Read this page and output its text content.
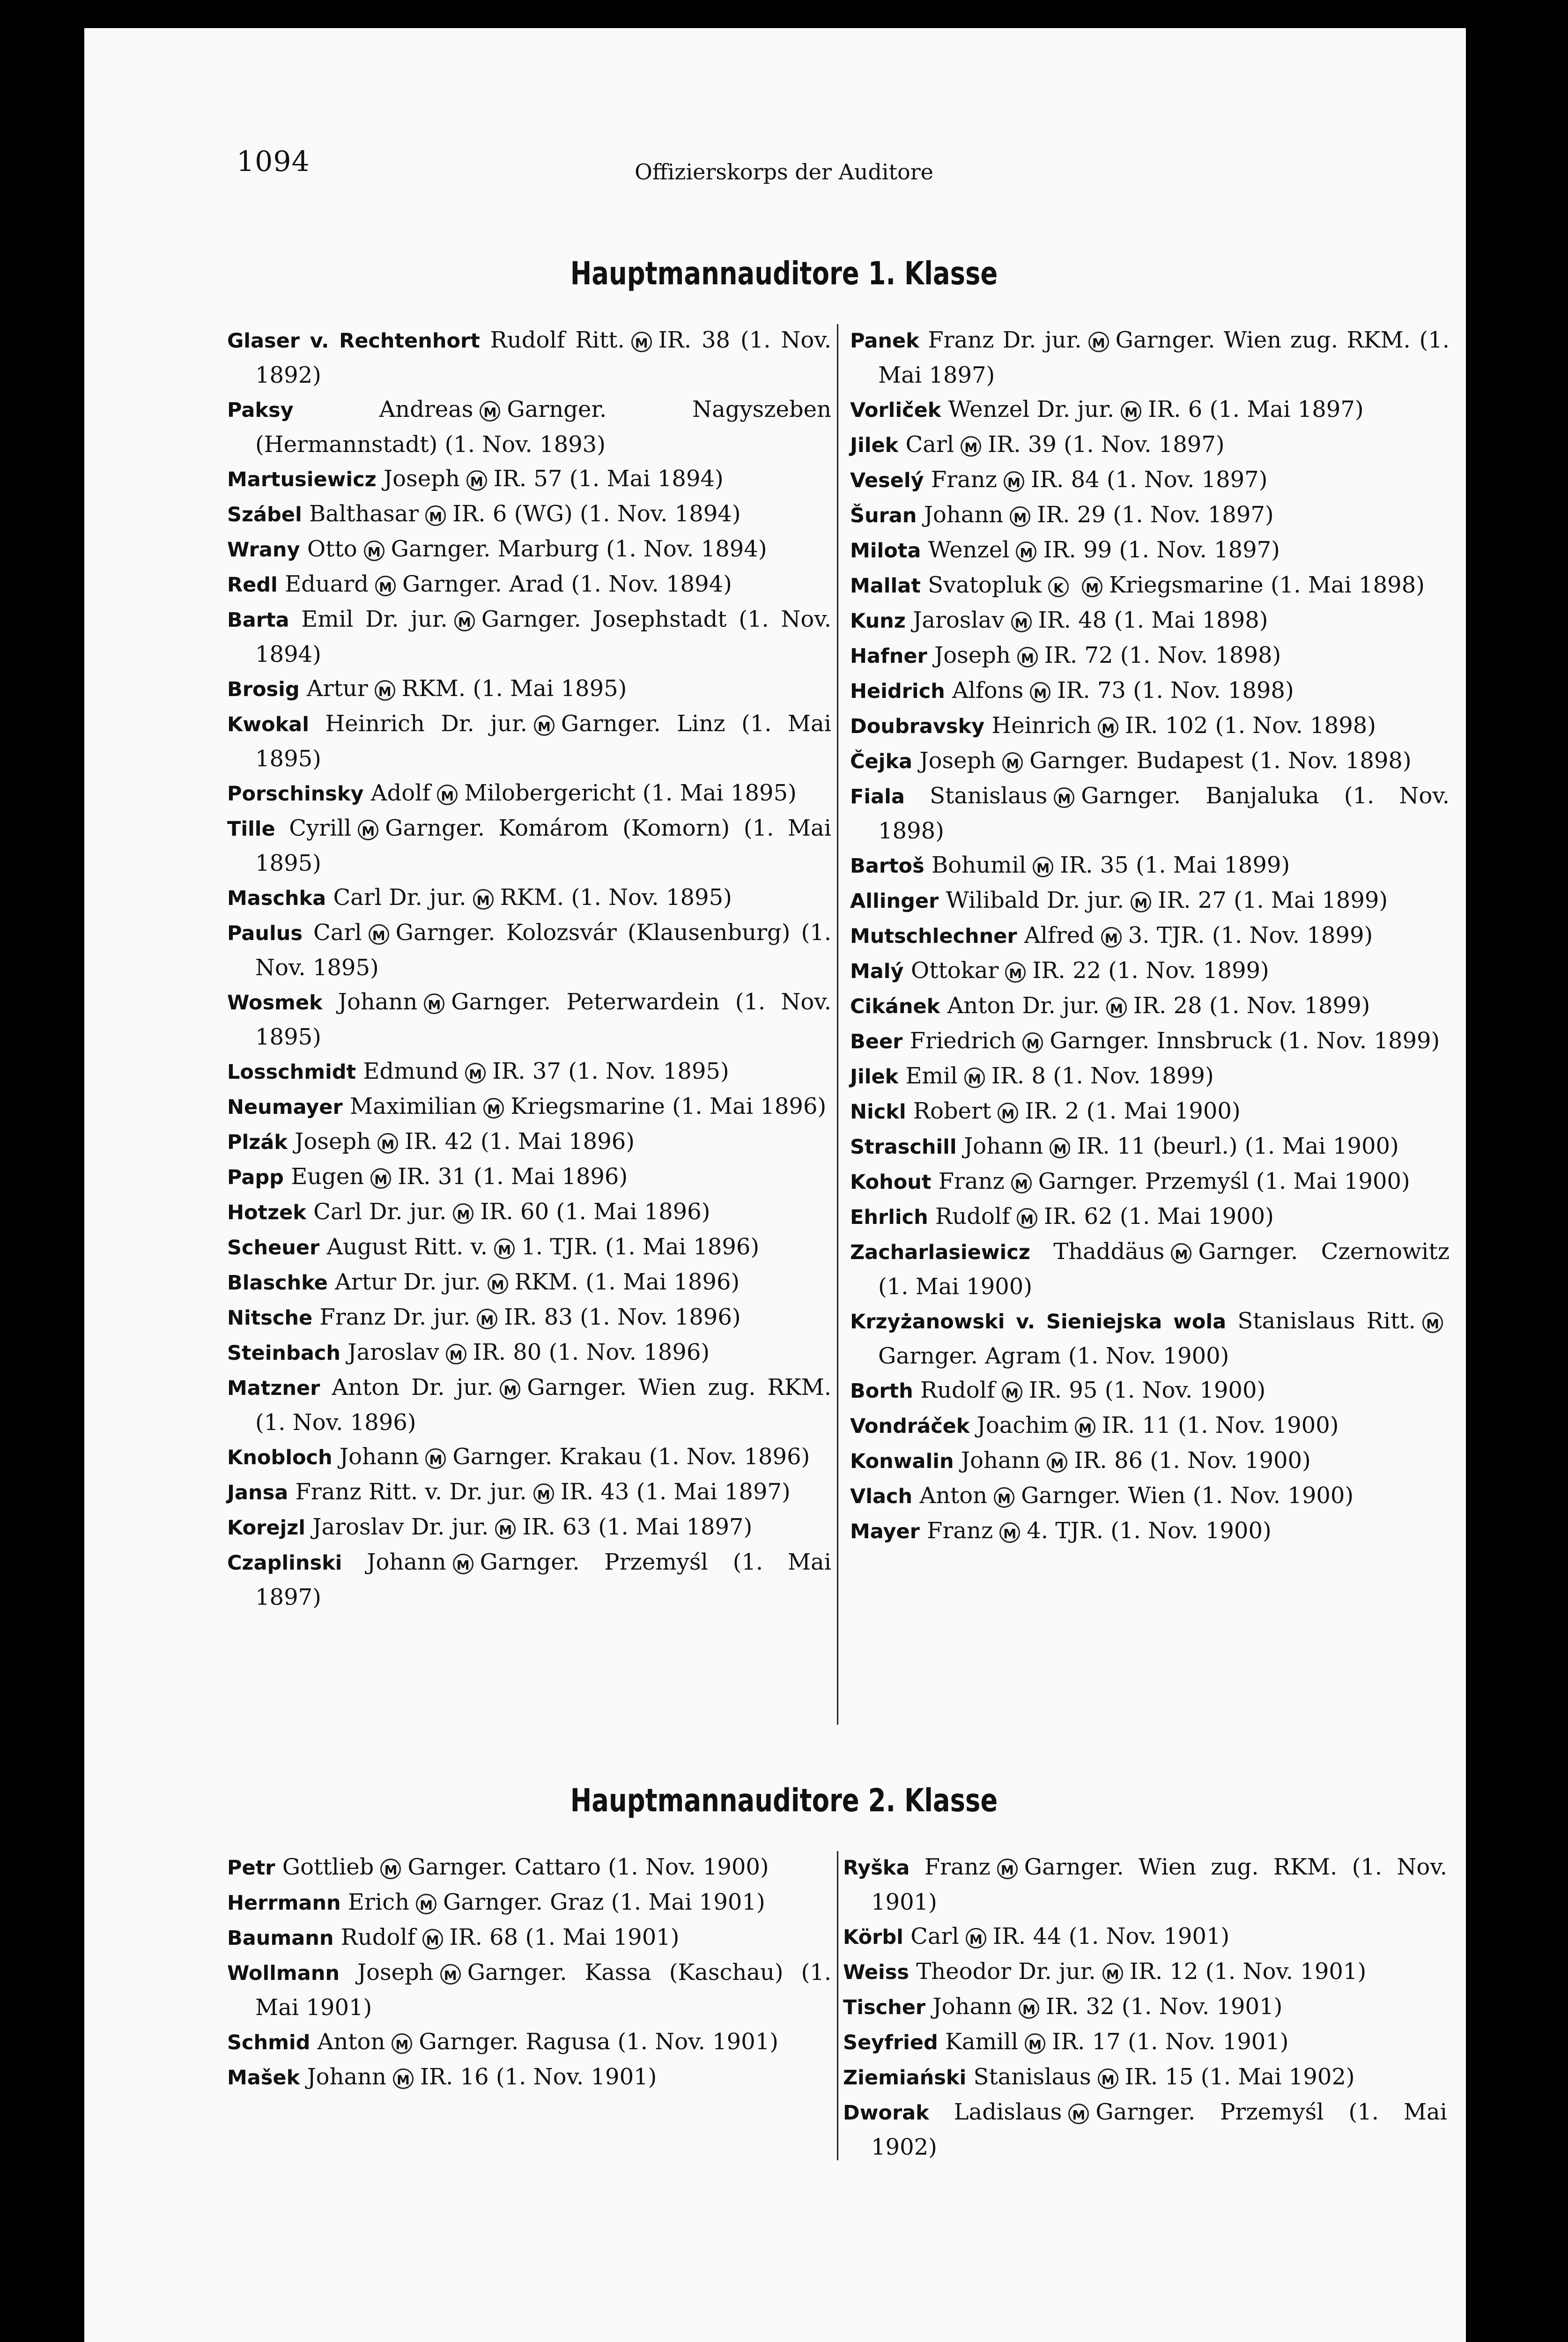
1094	Offizierskorps der Auditore
Hauptmannauditore 1. Klasse
Glaser v. Rechtenhort Rudolf Ritt. M IR. 38 (1. Nov. 1892)
Paksy	Andreas M Garnger. Nagyszeben (Hermannstadt) (1. Nov. 1893)
Martusiewicz Joseph M IR. 57 (1. Mai 1894)
Szábel Balthasar M IR. 6 (WG) (1. Nov. 1894)
Wrany Otto M Garnger. Marburg (1. Nov. 1894)
Redl Eduard M Garnger. Arad (1. Nov. 1894)
Barta Emil Dr. jur. M Garnger. Josephstadt (1. Nov. 1894)
Brosig Artur M RKM. (1. Mai 1895)
Kwokal Heinrich Dr. jur. M Garnger. Linz (1. Mai 1895)
Porschinsky Adolf M Milobergericht (1. Mai 1895)
Tille Cyrill M Garnger. Komárom (Komorn) (1. Mai 1895)
Maschka Carl Dr. jur. M RKM. (1. Nov. 1895)
Paulus Carl M Garnger. Kolozsvár (Klausenburg) (1. Nov. 1895)
Wosmek Johann M Garnger. Peterwardein (1. Nov. 1895)
Losschmidt Edmund M IR. 37 (1. Nov. 1895)
Neumayer Maximilian M Kriegsmarine (1. Mai 1896)
Plzák Joseph M IR. 42 (1. Mai 1896)
Papp Eugen M IR. 31 (1. Mai 1896)
Hotzek Carl Dr. jur. M IR. 60 (1. Mai 1896)
Scheuer August Ritt. v. M 1. TJR. (1. Mai 1896)
Blaschke Artur Dr. jur. M RKM. (1. Mai 1896)
Nitsche Franz Dr. jur. M IR. 83 (1. Nov. 1896)
Steinbach Jaroslav M IR. 80 (1. Nov. 1896)
Matzner Anton Dr. jur. M Garnger. Wien zug. RKM. (1. Nov. 1896)
Knobloch Johann M Garnger. Krakau (1. Nov. 1896)
Jansa Franz Ritt. v. Dr. jur. M IR. 43 (1. Mai 1897)
Korejzl Jaroslav Dr. jur. M IR. 63 (1. Mai 1897)
Czaplinski Johann M Garnger. Przemyśl (1. Mai 1897)
Panek Franz Dr. jur. M Garnger. Wien zug. RKM. (1. Mai 1897)
Vorliček Wenzel Dr. jur. M IR. 6 (1. Mai 1897)
Jilek Carl M IR. 39 (1. Nov. 1897)
Veselý Franz M IR. 84 (1. Nov. 1897)
Šuran Johann M IR. 29 (1. Nov. 1897)
Milota Wenzel M IR. 99 (1. Nov. 1897)
Mallat Svatopluk K M Kriegsmarine (1. Mai 1898)
Kunz Jaroslav M IR. 48 (1. Mai 1898)
Hafner Joseph M IR. 72 (1. Nov. 1898)
Heidrich Alfons M IR. 73 (1. Nov. 1898)
Doubravsky Heinrich M IR. 102 (1. Nov. 1898)
Čejka Joseph M Garnger. Budapest (1. Nov. 1898)
Fiala Stanislaus M Garnger. Banjaluka (1. Nov. 1898)
Bartoš Bohumil M IR. 35 (1. Mai 1899)
Allinger Wilibald Dr. jur. M IR. 27 (1. Mai 1899)
Mutschlechner Alfred M 3. TJR. (1. Nov. 1899)
Malý Ottokar M IR. 22 (1. Nov. 1899)
Cikánek Anton Dr. jur. M IR. 28 (1. Nov. 1899)
Beer Friedrich M Garnger. Innsbruck (1. Nov. 1899)
Jilek Emil M IR. 8 (1. Nov. 1899)
Nickl Robert M IR. 2 (1. Mai 1900)
Straschill Johann M IR. 11 (beurl.) (1. Mai 1900)
Kohout Franz M Garnger. Przemyśl (1. Mai 1900)
Ehrlich Rudolf M IR. 62 (1. Mai 1900)
Zacharlasiewicz Thaddäus M Garnger. Czernowitz (1. Mai 1900)
Krzyżanowski v. Sieniejska wola Stanislaus Ritt. MGarnger. Agram (1. Nov. 1900)
Borth Rudolf M IR. 95 (1. Nov. 1900)
Vondráček Joachim M IR. 11 (1. Nov. 1900)
Konwalin Johann M IR. 86 (1. Nov. 1900)
Vlach Anton M Garnger. Wien (1. Nov. 1900)
Mayer Franz M 4. TJR. (1. Nov. 1900)
Hauptmannauditore 2. Klasse
Petr Gottlieb M Garnger. Cattaro (1. Nov. 1900)
Herrmann Erich M Garnger. Graz (1. Mai 1901)
Baumann Rudolf M IR. 68 (1. Mai 1901)
Wollmann Joseph M Garnger. Kassa (Kaschau) (1. Mai 1901)
Schmid Anton M Garnger. Ragusa (1. Nov. 1901)
Mašek Johann M IR. 16 (1. Nov. 1901)
Ryška Franz M Garnger. Wien zug. RKM. (1. Nov. 1901)
Körbl Carl M IR. 44 (1. Nov. 1901)
Weiss Theodor Dr. jur. M IR. 12 (1. Nov. 1901)
Tischer Johann M IR. 32 (1. Nov. 1901)
Seyfried Kamill M IR. 17 (1. Nov. 1901)
Ziemiański Stanislaus M IR. 15 (1. Mai 1902)
Dworak Ladislaus M Garnger. Przemyśl (1. Mai 1902)
